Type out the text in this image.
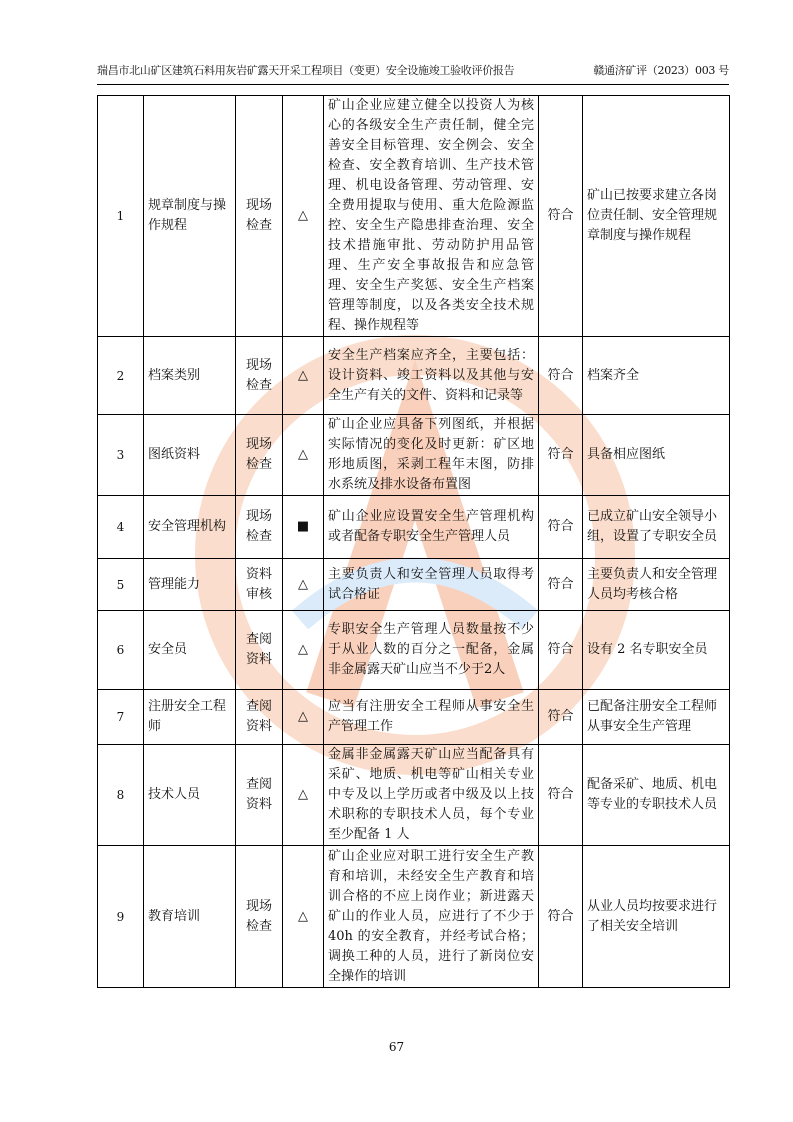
瑞昌市北山矿区建筑石料用灰岩矿露天开采工程项目（变更）安全设施竣工验收评价报告	赣通济矿评（2023）003 号
1	规章制度与操作规程	现场检查	△	矿山企业应建立健全以投资人为核心的各级安全生产责任制，健全完善安全目标管理、安全例会、安全检查、安全教育培训、生产技术管理、机电设备管理、劳动管理、安全费用提取与使用、重大危险源监控、安全生产隐患排查治理、安全技术措施审批、劳动防护用品管理、生产安全事故报告和应急管理、安全生产奖惩、安全生产档案管理等制度，以及各类安全技术规程、操作规程等	符合	矿山已按要求建立各岗位责任制、安全管理规章制度与操作规程
2	档案类别	现场检查	△	安全生产档案应齐全，主要包括：设计资料、竣工资料以及其他与安全生产有关的文件、资料和记录等	符合	档案齐全
3	图纸资料	现场检查	△	矿山企业应具备下列图纸，并根据实际情况的变化及时更新：矿区地形地质图，采剥工程年末图，防排水系统及排水设备布置图	符合	具备相应图纸
4	安全管理机构	现场检查	■	矿山企业应设置安全生产管理机构或者配备专职安全生产管理人员	符合	已成立矿山安全领导小组，设置了专职安全员
5	管理能力	资料审核	△	主要负责人和安全管理人员取得考试合格证	符合	主要负责人和安全管理人员均考核合格
6	安全员	查阅资料	△	专职安全生产管理人员数量按不少于从业人数的百分之一配备，金属非金属露天矿山应当不少于2人	符合	设有 2 名专职安全员
7	注册安全工程师	查阅资料	△	应当有注册安全工程师从事安全生产管理工作	符合	已配备注册安全工程师从事安全生产管理
8	技术人员	查阅资料	△	金属非金属露天矿山应当配备具有采矿、地质、机电等矿山相关专业中专及以上学历或者中级及以上技术职称的专职技术人员，每个专业至少配备 1 人	符合	配备采矿、地质、机电等专业的专职技术人员
9	教育培训	现场检查	△	矿山企业应对职工进行安全生产教育和培训，未经安全生产教育和培训合格的不应上岗作业；新进露天矿山的作业人员，应进行了不少于 40h 的安全教育，并经考试合格；调换工种的人员，进行了新岗位安全操作的培训	符合	从业人员均按要求进行了相关安全培训
67
